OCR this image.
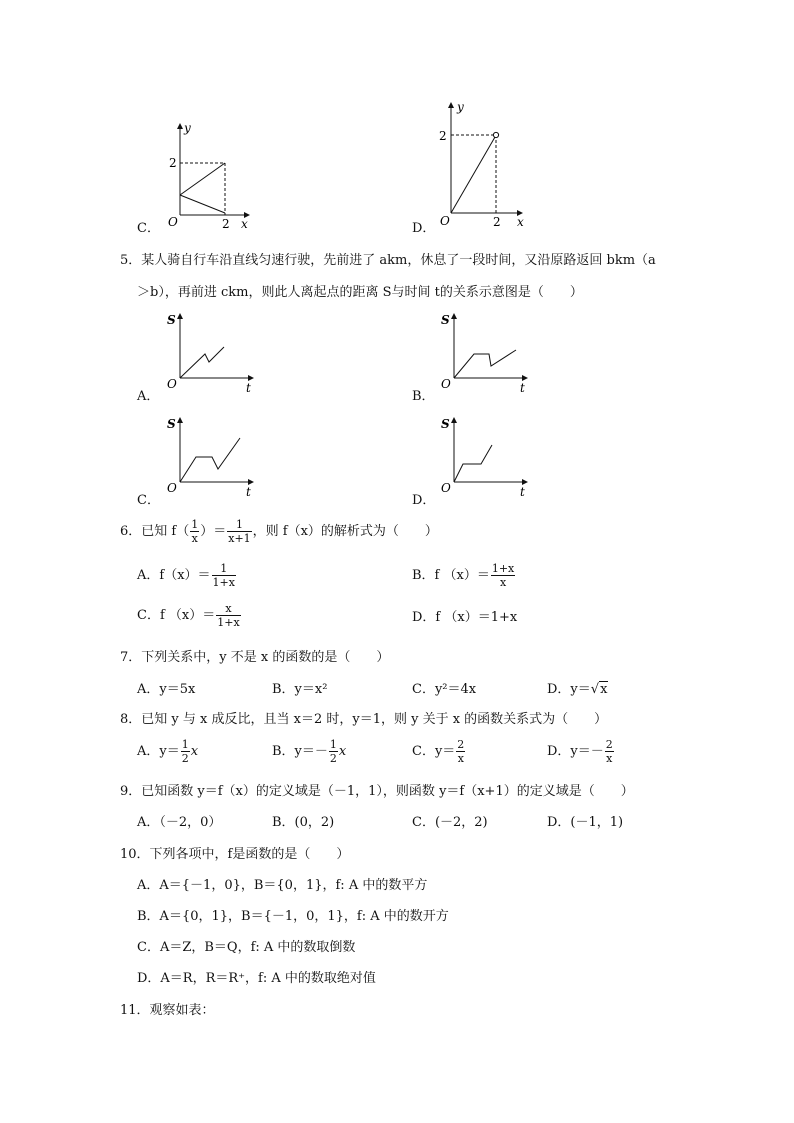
C．
y
2
O	2 x	D．
y
2
O	2 x
5．某人骑自行车沿直线匀速行驶，先前进了 akm，休息了一段时间，又沿原路返回 bkm（a
＞b），再前进 ckm，则此人离起点的距离 S与时间 t的关系示意图是（　　）
A．
S
O	t
B．
S
O	t
C．
S
O	t
D．
S
O	t
6．已知 $f( \frac{1}{x}$ ）＝ $\frac{1}{x+1}$ ，则 f（x）的解析式为（　　）
A．$f(x)= \frac{1}{1+x}$	B．f $(x)= \frac{1+x}{x}$
C．f $(x)= \frac{x}{1+x}$	D．f （x）＝1+x
7．下列关系中，y 不是 x 的函数的是（　　）
A．y＝5x	B．y＝x²	C．y²＝4x	D．y＝√x
8．已知 y 与 x 成反比，且当 x＝2 时，y＝1，则 y 关于 x 的函数关系式为（　　）
A．$y= \frac{1}{2}$ x	B．$y=- \frac{1}{2}$ x	C．$y= \frac{2}{x}$	D．$y=- \frac{2}{x}$
9．已知函数 y＝f（x）的定义域是（－1，1），则函数 y＝f（x+1）的定义域是（　　）
A．（－2，0）	B．(0，2)	C．(－2，2)	D．(－1，1)
10．下列各项中，f是函数的是（　　）
A．A＝{－1，0}，B＝{0，1}，f: A 中的数平方
B．A＝{0，1}，B＝{－1，0，1}，f: A 中的数开方
C．A＝Z，B＝Q，f: A 中的数取倒数
D．A＝R，R＝R⁺，f: A 中的数取绝对值
11．观察如表：
